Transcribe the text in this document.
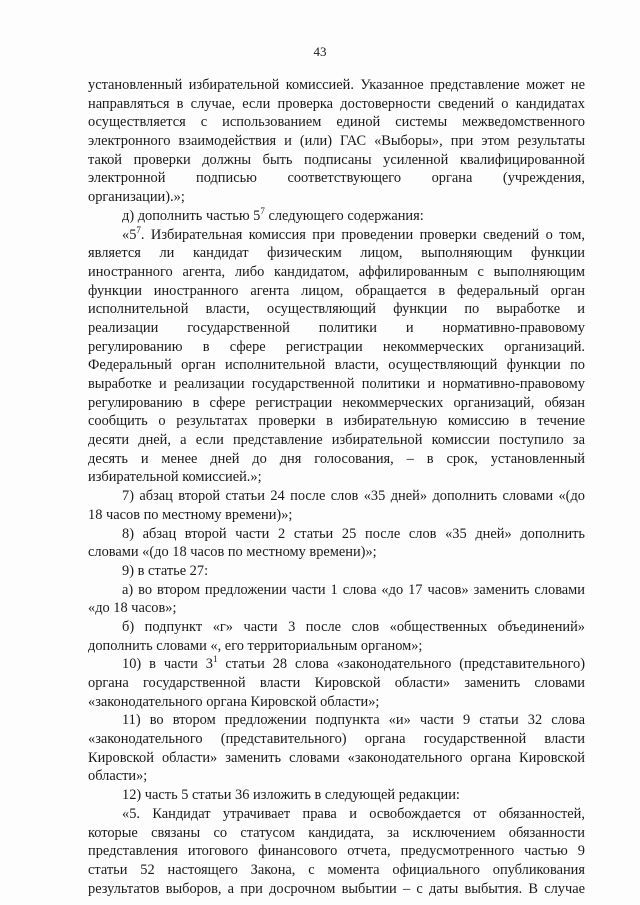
43
установленный избирательной комиссией. Указанное представление может не
направляться в случае, если проверка достоверности сведений о кандидатах
осуществляется с использованием единой системы межведомственного
электронного взаимодействия и (или) ГАС «Выборы», при этом результаты
такой проверки должны быть подписаны усиленной квалифицированной
электронной подписью соответствующего органа (учреждения,
организации).»;
д) дополнить частью $5^7$ следующего содержания:
«$5^7$. Избирательная комиссия при проведении проверки сведений о том,
является ли кандидат физическим лицом, выполняющим функции
иностранного агента, либо кандидатом, аффилированным с выполняющим
функции иностранного агента лицом, обращается в федеральный орган
исполнительной власти, осуществляющий функции по выработке и
реализации государственной политики и нормативно-правовому
регулированию в сфере регистрации некоммерческих организаций.
Федеральный орган исполнительной власти, осуществляющий функции по
выработке и реализации государственной политики и нормативно-правовому
регулированию в сфере регистрации некоммерческих организаций, обязан
сообщить о результатах проверки в избирательную комиссию в течение
десяти дней, а если представление избирательной комиссии поступило за
десять и менее дней до дня голосования, – в срок, установленный
избирательной комиссией.»;
7) абзац второй статьи 24 после слов «35 дней» дополнить словами «(до
18 часов по местному времени)»;
8) абзац второй части 2 статьи 25 после слов «35 дней» дополнить
словами «(до 18 часов по местному времени)»;
9) в статье 27:
а) во втором предложении части 1 слова «до 17 часов» заменить словами
«до 18 часов»;
б) подпункт «г» части 3 после слов «общественных объединений»
дополнить словами «, его территориальным органом»;
10) в части $3^1$ статьи 28 слова «законодательного (представительного)
органа государственной власти Кировской области» заменить словами
«законодательного органа Кировской области»;
11) во втором предложении подпункта «и» части 9 статьи 32 слова
«законодательного (представительного) органа государственной власти
Кировской области» заменить словами «законодательного органа Кировской
области»;
12) часть 5 статьи 36 изложить в следующей редакции:
«5. Кандидат утрачивает права и освобождается от обязанностей,
которые связаны со статусом кандидата, за исключением обязанности
представления итогового финансового отчета, предусмотренного частью 9
статьи 52 настоящего Закона, с момента официального опубликования
результатов выборов, а при досрочном выбытии – с даты выбытия. В случае
